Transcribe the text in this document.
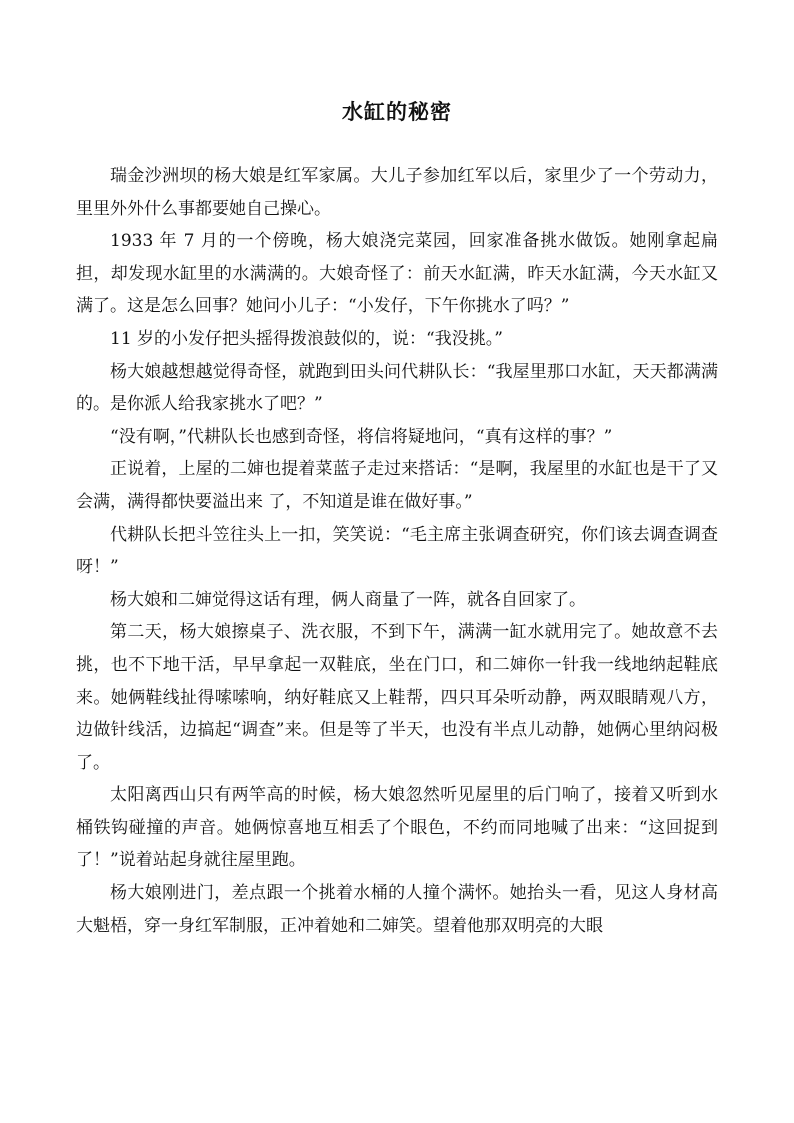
水缸的秘密

瑞金沙洲坝的杨大娘是红军家属。大儿子参加红军以后，家里少了一个劳动力，里里外外什么事都要她自己操心。

1933 年 7 月的一个傍晚，杨大娘浇完菜园，回家准备挑水做饭。她刚拿起扁担，却发现水缸里的水满满的。大娘奇怪了：前天水缸满，昨天水缸满，今天水缸又满了。这是怎么回事？她问小儿子：“小发仔，下午你挑水了吗？”

11 岁的小发仔把头摇得拨浪鼓似的，说：“我没挑。”

杨大娘越想越觉得奇怪，就跑到田头问代耕队长：“我屋里那口水缸，天天都满满的。是你派人给我家挑水了吧？”

“没有啊，”代耕队长也感到奇怪，将信将疑地问，“真有这样的事？”

正说着，上屋的二婶也提着菜蓝子走过来搭话：“是啊，我屋里的水缸也是干了又会满，满得都快要溢出来 了，不知道是谁在做好事。”

代耕队长把斗笠往头上一扣，笑笑说：“毛主席主张调查研究，你们该去调查调查呀！”

杨大娘和二婶觉得这话有理，俩人商量了一阵，就各自回家了。

第二天，杨大娘擦桌子、洗衣服，不到下午，满满一缸水就用完了。她故意不去挑，也不下地干活，早早拿起一双鞋底，坐在门口，和二婶你一针我一线地纳起鞋底来。她俩鞋线扯得嗦嗦响，纳好鞋底又上鞋帮，四只耳朵听动静，两双眼睛观八方，边做针线活，边搞起“调查”来。但是等了半天，也没有半点儿动静，她俩心里纳闷极了。

太阳离西山只有两竿高的时候，杨大娘忽然听见屋里的后门响了，接着又听到水桶铁钩碰撞的声音。她俩惊喜地互相丢了个眼色，不约而同地喊了出来：“这回捉到了！”说着站起身就往屋里跑。

杨大娘刚进门，差点跟一个挑着水桶的人撞个满怀。她抬头一看，见这人身材高大魁梧，穿一身红军制服，正冲着她和二婶笑。望着他那双明亮的大眼
